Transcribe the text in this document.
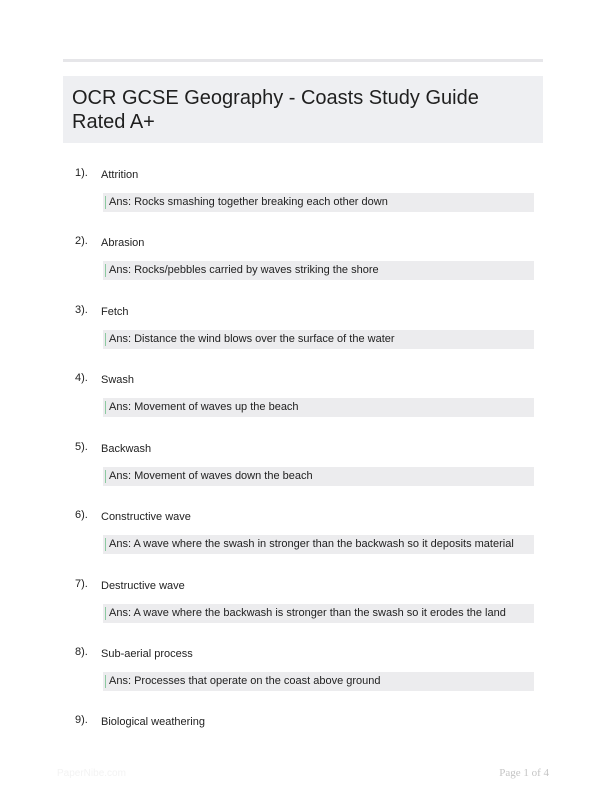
OCR GCSE Geography - Coasts Study Guide Rated A+
1). Attrition
Ans: Rocks smashing together breaking each other down
2). Abrasion
Ans: Rocks/pebbles carried by waves striking the shore
3). Fetch
Ans: Distance the wind blows over the surface of the water
4). Swash
Ans: Movement of waves up the beach
5). Backwash
Ans: Movement of waves down the beach
6). Constructive wave
Ans: A wave where the swash in stronger than the backwash so it deposits material
7). Destructive wave
Ans: A wave where the backwash is stronger than the swash so it erodes the land
8). Sub-aerial process
Ans: Processes that operate on the coast above ground
9). Biological weathering
PaperNibe.com	Page 1 of 4
